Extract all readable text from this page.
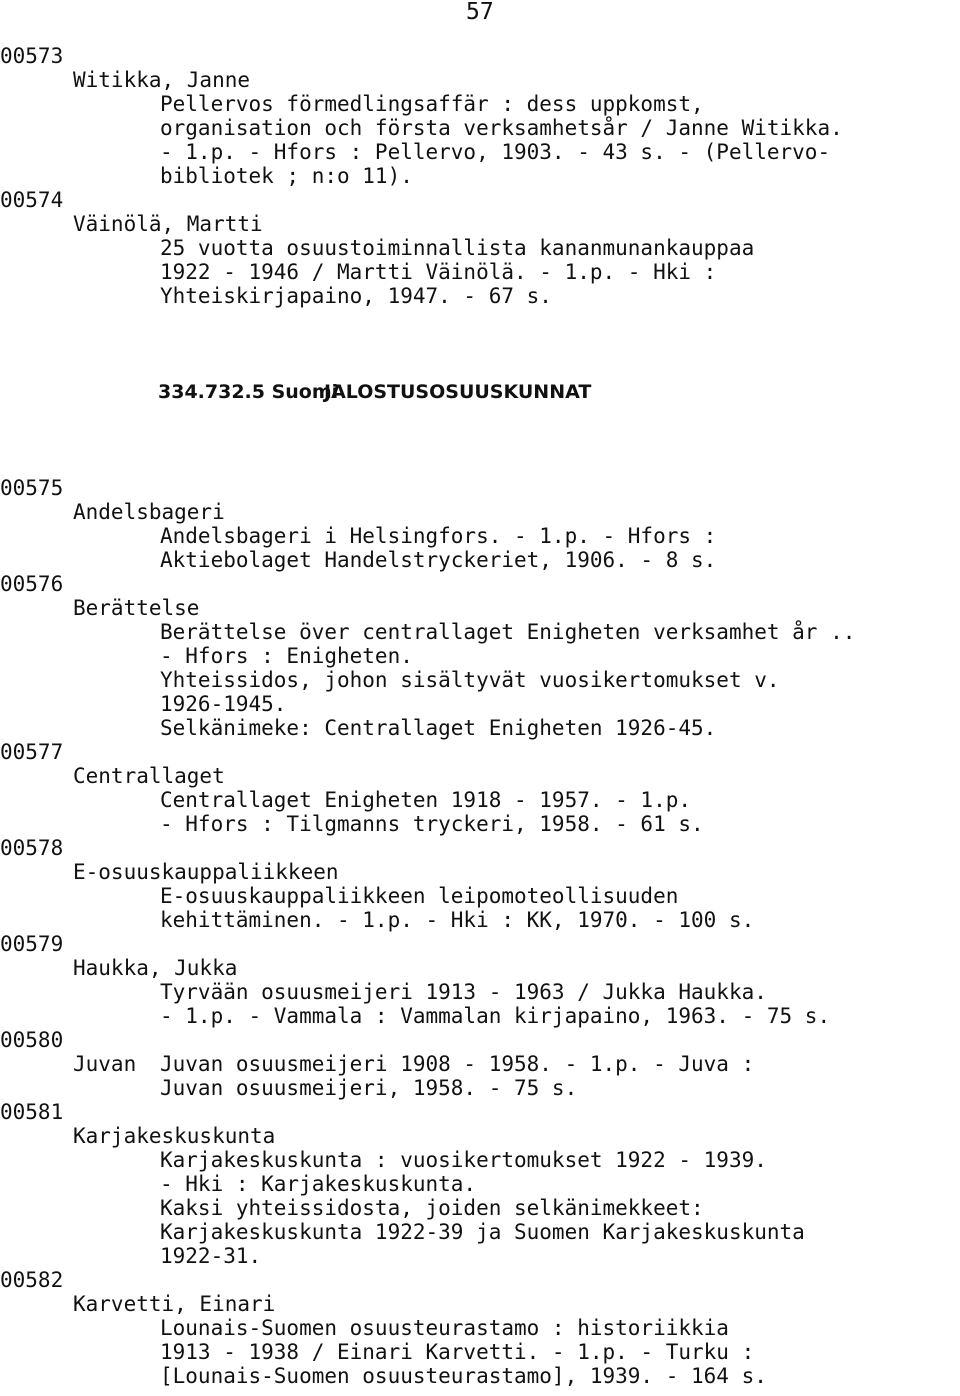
57
00573
Witikka, Janne
Pellervos förmedlingsaffär : dess uppkomst,
organisation och första verksamhetsår / Janne Witikka.
- 1.p. - Hfors : Pellervo, 1903. - 43 s. - (Pellervo-
bibliotek ; n:o 11).
00574
Väinölä, Martti
25 vuotta osuustoiminnallista kananmunankauppaa
1922 - 1946 / Martti Väinölä. - 1.p. - Hki :
Yhteiskirjapaino, 1947. - 67 s.
334.732.5 Suomi
JALOSTUSOSUUSKUNNAT
00575
Andelsbageri
Andelsbageri i Helsingfors. - 1.p. - Hfors :
Aktiebolaget Handelstryckeriet, 1906. - 8 s.
00576
Berättelse
Berättelse över centrallaget Enigheten verksamhet år ..
- Hfors : Enigheten.
Yhteissidos, johon sisältyvät vuosikertomukset v.
1926-1945.
Selkänimeke: Centrallaget Enigheten 1926-45.
00577
Centrallaget
Centrallaget Enigheten 1918 - 1957. - 1.p.
- Hfors : Tilgmanns tryckeri, 1958. - 61 s.
00578
E-osuuskauppaliikkeen
E-osuuskauppaliikkeen leipomoteollisuuden
kehittäminen. - 1.p. - Hki : KK, 1970. - 100 s.
00579
Haukka, Jukka
Tyrvään osuusmeijeri 1913 - 1963 / Jukka Haukka.
- 1.p. - Vammala : Vammalan kirjapaino, 1963. - 75 s.
00580
Juvan Juvan osuusmeijeri 1908 - 1958. - 1.p. - Juva :
Juvan osuusmeijeri, 1958. - 75 s.
00581
Karjakeskuskunta
Karjakeskuskunta : vuosikertomukset 1922 - 1939.
- Hki : Karjakeskuskunta.
Kaksi yhteissidosta, joiden selkänimekkeet:
Karjakeskuskunta 1922-39 ja Suomen Karjakeskuskunta
1922-31.
00582
Karvetti, Einari
Lounais-Suomen osuusteurastamo : historiikkia
1913 - 1938 / Einari Karvetti. - 1.p. - Turku :
[Lounais-Suomen osuusteurastamo], 1939. - 164 s.
